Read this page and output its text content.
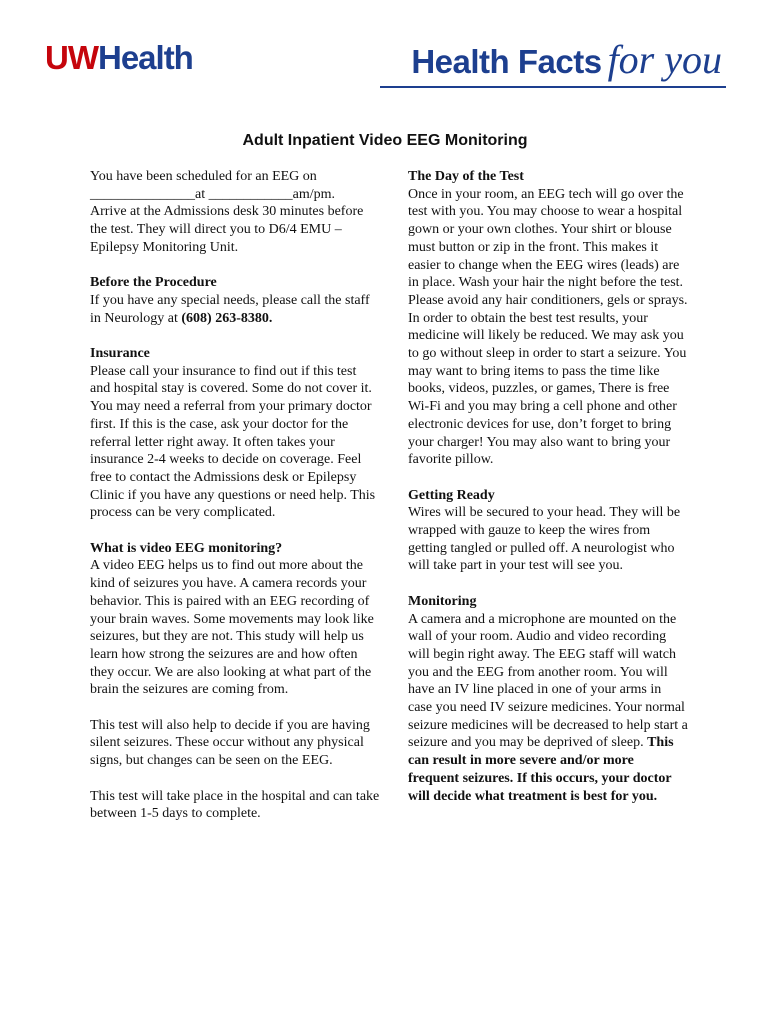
UWHealth	Health Facts for you
Adult Inpatient Video EEG Monitoring

You have been scheduled for an EEG on
_______________at ____________am/pm.
Arrive at the Admissions desk 30 minutes before the test. They will direct you to D6/4 EMU – Epilepsy Monitoring Unit.

Before the Procedure

If you have any special needs, please call the staff in Neurology at (608) 263-8380.

Insurance

Please call your insurance to find out if this test and hospital stay is covered. Some do not cover it. You may need a referral from your primary doctor first. If this is the case, ask your doctor for the referral letter right away. It often takes your insurance 2-4 weeks to decide on coverage. Feel free to contact the Admissions desk or Epilepsy Clinic if you have any questions or need help. This process can be very complicated.

What is video EEG monitoring?

A video EEG helps us to find out more about the kind of seizures you have. A camera records your behavior. This is paired with an EEG recording of your brain waves. Some movements may look like seizures, but they are not. This study will help us learn how strong the seizures are and how often they occur. We are also looking at what part of the brain the seizures are coming from.

This test will also help to decide if you are having silent seizures. These occur without any physical signs, but changes can be seen on the EEG.

This test will take place in the hospital and can take between 1-5 days to complete.

The Day of the Test

Once in your room, an EEG tech will go over the test with you. You may choose to wear a hospital gown or your own clothes. Your shirt or blouse must button or zip in the front. This makes it easier to change when the EEG wires (leads) are in place. Wash your hair the night before the test. Please avoid any hair conditioners, gels or sprays. In order to obtain the best test results, your medicine will likely be reduced. We may ask you to go without sleep in order to start a seizure. You may want to bring items to pass the time like books, videos, puzzles, or games, There is free Wi-Fi and you may bring a cell phone and other electronic devices for use, don’t forget to bring your charger! You may also want to bring your favorite pillow.

Getting Ready

Wires will be secured to your head. They will be wrapped with gauze to keep the wires from getting tangled or pulled off. A neurologist who will take part in your test will see you.

Monitoring

A camera and a microphone are mounted on the wall of your room. Audio and video recording will begin right away. The EEG staff will watch you and the EEG from another room. You will have an IV line placed in one of your arms in case you need IV seizure medicines. Your normal seizure medicines will be decreased to help start a seizure and you may be deprived of sleep. This can result in more severe and/or more frequent seizures. If this occurs, your doctor will decide what treatment is best for you.
